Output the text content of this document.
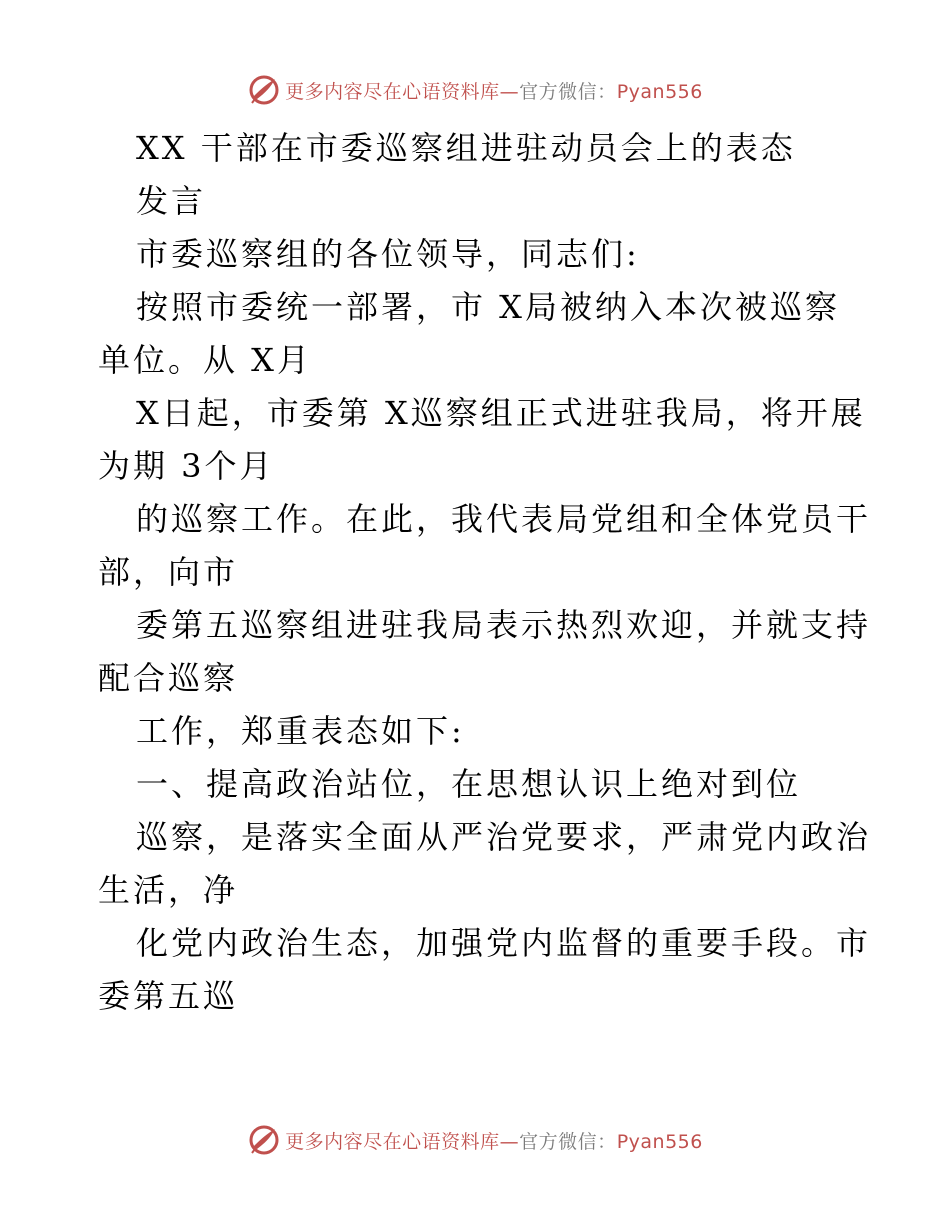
更多内容尽在心语资料库—官方微信：Pyan556
XX 干部在市委巡察组进驻动员会上的表态
发言
市委巡察组的各位领导，同志们:
按照市委统一部署，市 X局被纳入本次被巡察
单位。从 X月
X日起，市委第 X巡察组正式进驻我局，将开展
为期 3个月
的巡察工作。在此，我代表局党组和全体党员干
部，向市
委第五巡察组进驻我局表示热烈欢迎，并就支持
配合巡察
工作，郑重表态如下:
一、提高政治站位，在思想认识上绝对到位
巡察，是落实全面从严治党要求，严肃党内政治
生活，净
化党内政治生态，加强党内监督的重要手段。市
委第五巡
更多内容尽在心语资料库—官方微信：Pyan556
